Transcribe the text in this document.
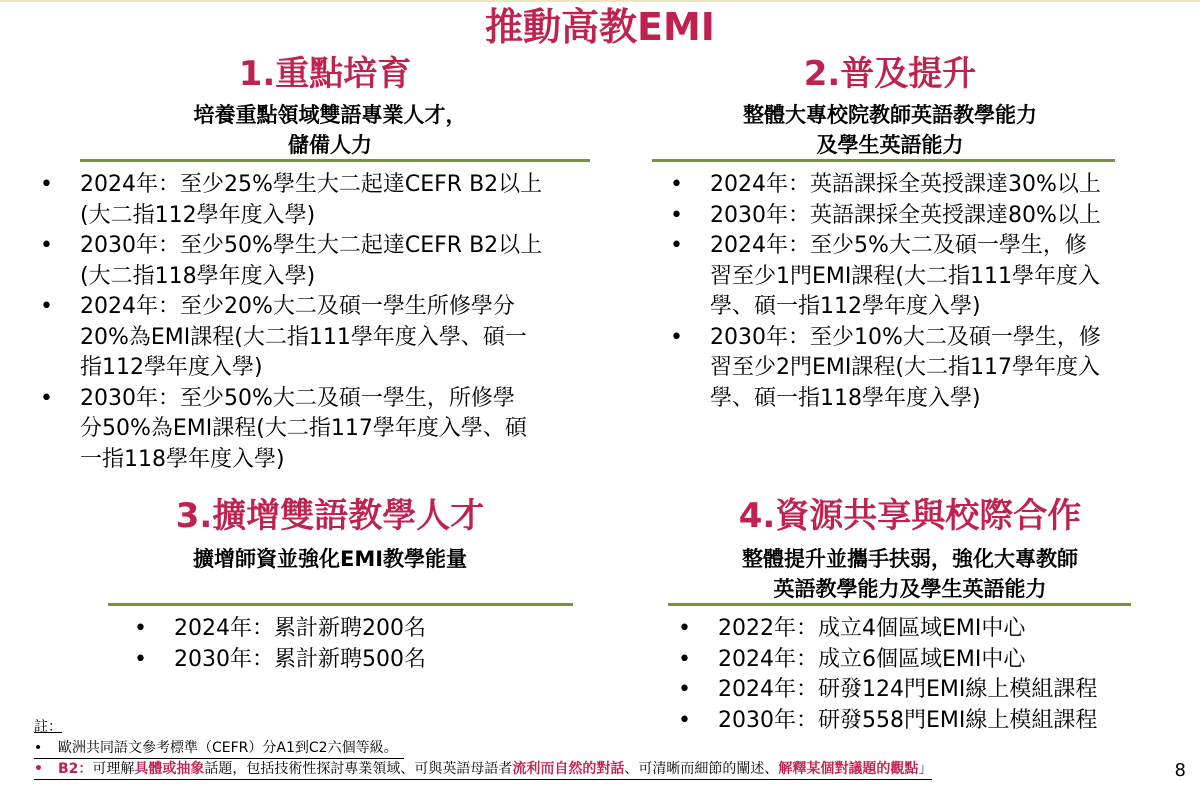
推動高教EMI
1.重點培育
培養重點領域雙語專業人才，
儲備人力
• 2024年：至少25%學生大二起達CEFR B2以上
(大二指112學年度入學)
• 2030年：至少50%學生大二起達CEFR B2以上
(大二指118學年度入學)
• 2024年：至少20%大二及碩一學生所修學分
20%為EMI課程(大二指111學年度入學、碩一
指112學年度入學)
• 2030年：至少50%大二及碩一學生，所修學
分50%為EMI課程(大二指117學年度入學、碩
一指118學年度入學)
2.普及提升
整體大專校院教師英語教學能力
及學生英語能力
• 2024年：英語課採全英授課達30%以上
• 2030年：英語課採全英授課達80%以上
• 2024年：至少5%大二及碩一學生，修
習至少1門EMI課程(大二指111學年度入
學、碩一指112學年度入學)
• 2030年：至少10%大二及碩一學生，修
習至少2門EMI課程(大二指117學年度入
學、碩一指118學年度入學)
3.擴增雙語教學人才
擴增師資並強化EMI教學能量
• 2024年：累計新聘200名
• 2030年：累計新聘500名
4.資源共享與校際合作
整體提升並攜手扶弱，強化大專教師
英語教學能力及學生英語能力
• 2022年：成立4個區域EMI中心
• 2024年：成立6個區域EMI中心
• 2024年：研發124門EMI線上模組課程
• 2030年：研發558門EMI線上模組課程
註：
• 歐洲共同語文參考標準（CEFR）分A1到C2六個等級。
• B2：可理解具體或抽象話題，包括技術性探討專業領域、可與英語母語者流利而自然的對話、可清晰而細節的闡述、解釋某個對議題的觀點」	8
